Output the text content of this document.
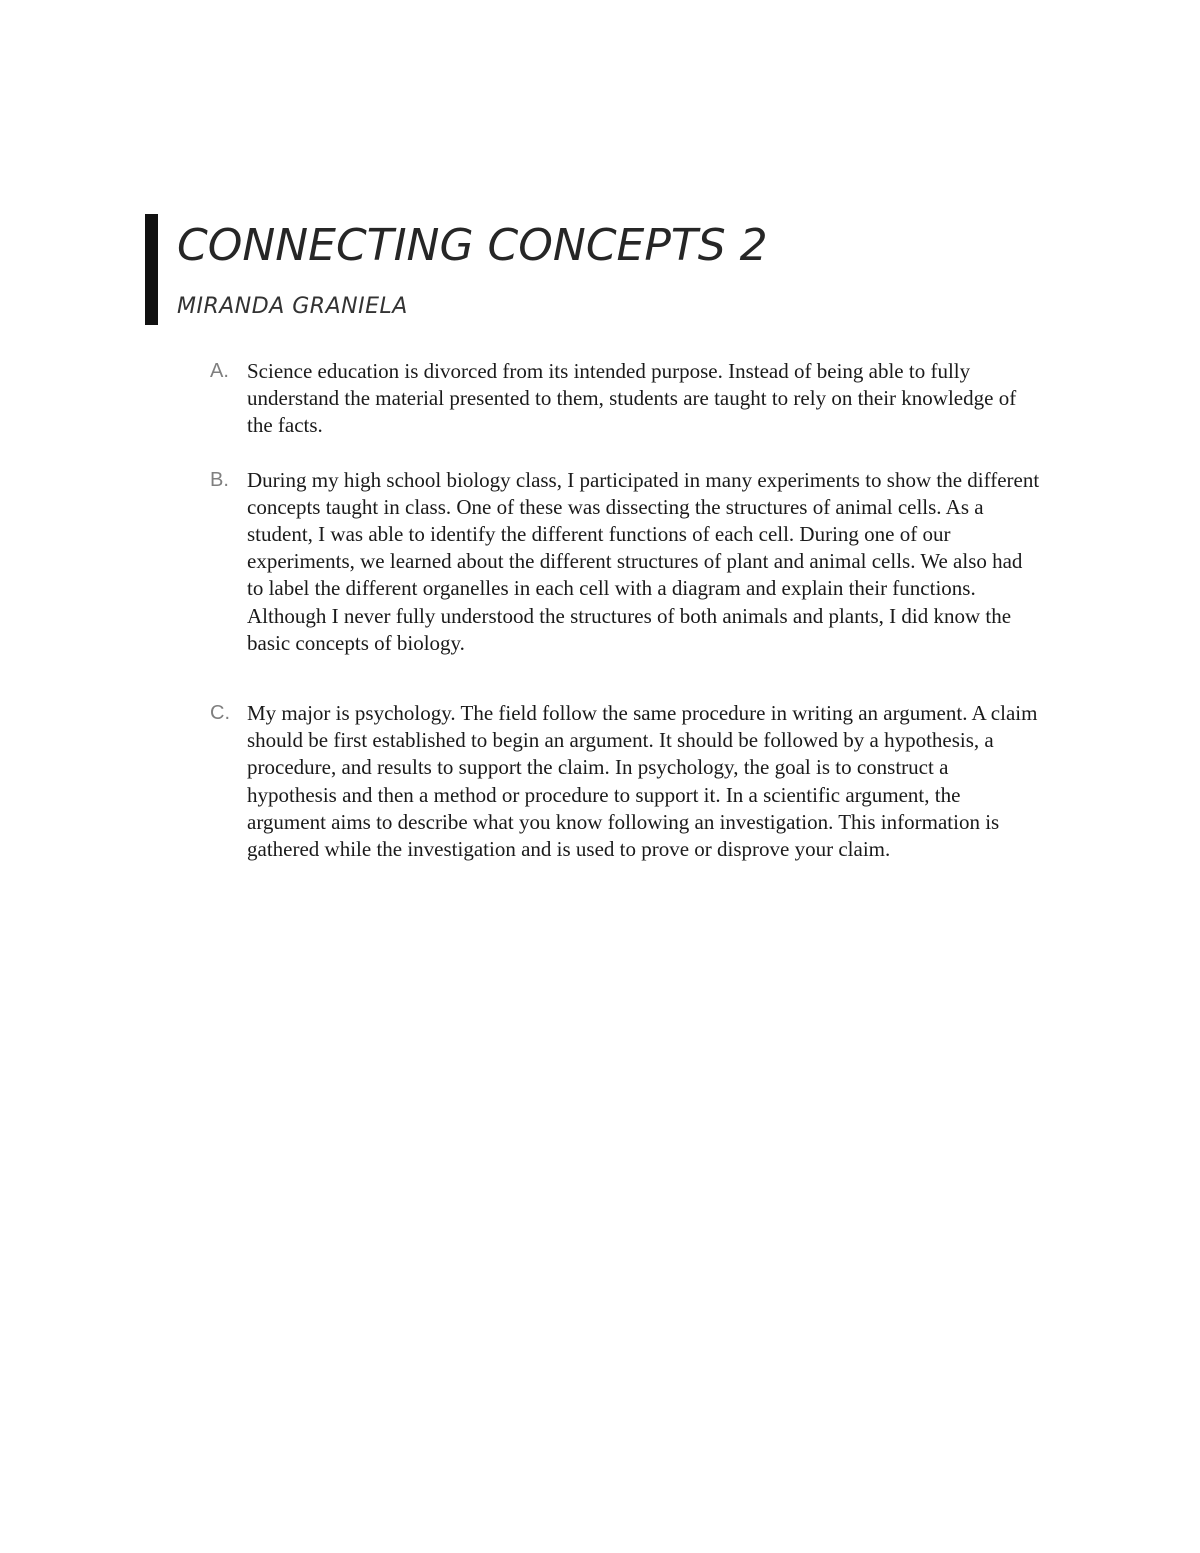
CONNECTING CONCEPTS 2
MIRANDA GRANIELA
A. Science education is divorced from its intended purpose. Instead of being able to fully understand the material presented to them, students are taught to rely on their knowledge of the facts.
B. During my high school biology class, I participated in many experiments to show the different concepts taught in class. One of these was dissecting the structures of animal cells. As a student, I was able to identify the different functions of each cell. During one of our experiments, we learned about the different structures of plant and animal cells. We also had to label the different organelles in each cell with a diagram and explain their functions. Although I never fully understood the structures of both animals and plants, I did know the basic concepts of biology.
C. My major is psychology. The field follow the same procedure in writing an argument. A claim should be first established to begin an argument. It should be followed by a hypothesis, a procedure, and results to support the claim. In psychology, the goal is to construct a hypothesis and then a method or procedure to support it. In a scientific argument, the argument aims to describe what you know following an investigation. This information is gathered while the investigation and is used to prove or disprove your claim.
